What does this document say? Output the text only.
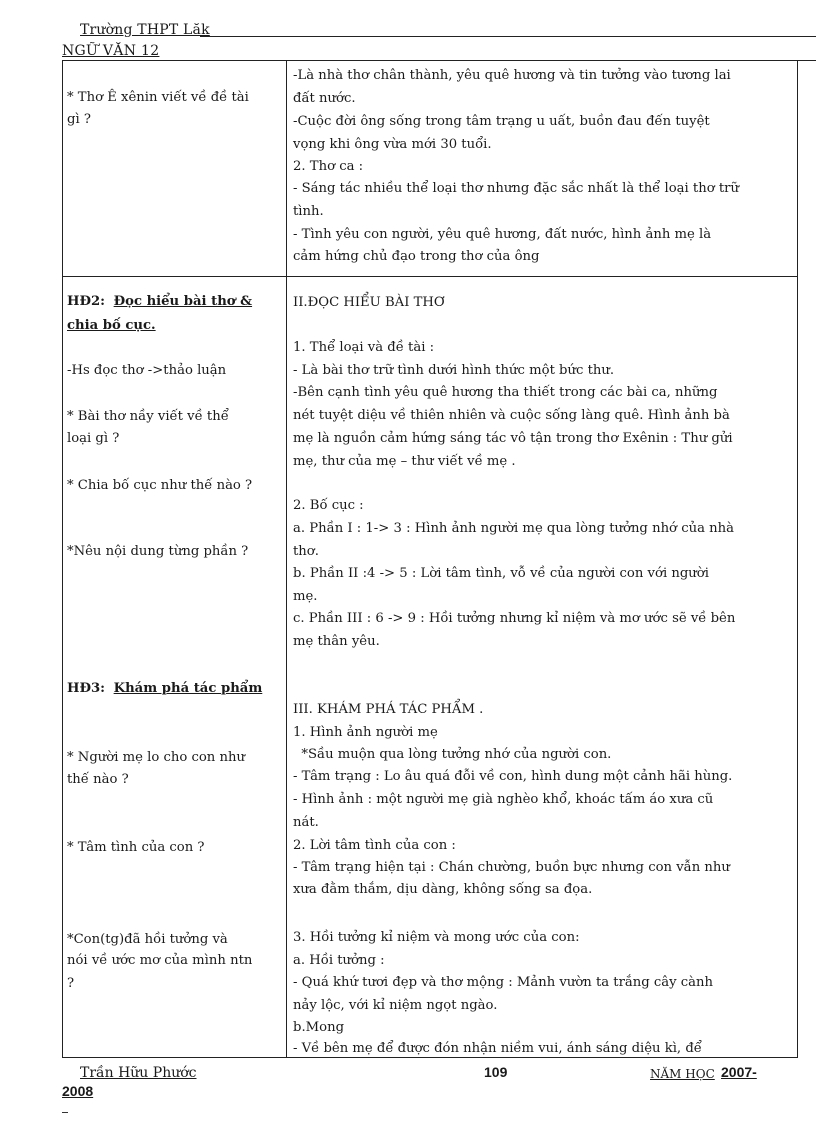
Trường THPT Lăk
NGỮ VĂN 12
* Thơ Ê xênin viết về đề tài
gì ?
HĐ2: Đọc hiểu bài thơ &
chia bố cục.
-Hs đọc thơ ->thảo luận
* Bài thơ nầy viết về thể
loại gì ?
* Chia bố cục như thế nào ?
*Nêu nội dung từng phần ?
HĐ3: Khám phá tác phẩm
* Người mẹ lo cho con như
thế nào ?
* Tâm tình của con ?
*Con(tg)đã hồi tưởng và
nói về ước mơ của mình ntn
?
-Là nhà thơ chân thành, yêu quê hương và tin tưởng vào tương lai
đất nước.
-Cuộc đời ông sống trong tâm trạng u uất, buồn đau đến tuyệt
vọng khi ông vừa mới 30 tuổi.
2. Thơ ca :
- Sáng tác nhiều thể loại thơ nhưng đặc sắc nhất là thể loại thơ trữ
tình.
- Tình yêu con người, yêu quê hương, đất nước, hình ảnh mẹ là
cảm hứng chủ đạo trong thơ của ông
II.ĐỌC HIỂU BÀI THƠ
1. Thể loại và đề tài :
- Là bài thơ trữ tình dưới hình thức một bức thư.
-Bên cạnh tình yêu quê hương tha thiết trong các bài ca, những
nét tuyệt diệu về thiên nhiên và cuộc sống làng quê. Hình ảnh bà
mẹ là nguồn cảm hứng sáng tác vô tận trong thơ Exênin : Thư gửi
mẹ, thư của mẹ – thư viết về mẹ .
2. Bố cục :
a. Phần I : 1-> 3 : Hình ảnh người mẹ qua lòng tưởng nhớ của nhà
thơ.
b. Phần II :4 -> 5 : Lời tâm tình, vỗ về của người con với người
mẹ.
c. Phần III : 6 -> 9 : Hồi tưởng nhưng kỉ niệm và mơ ước sẽ về bên
mẹ thân yêu.
III. KHÁM PHÁ TÁC PHẨM .
1. Hình ảnh người mẹ
*Sầu muộn qua lòng tưởng nhớ của người con.
- Tâm trạng : Lo âu quá đỗi về con, hình dung một cảnh hãi hùng.
- Hình ảnh : một người mẹ già nghèo khổ, khoác tấm áo xưa cũ
nát.
2. Lời tâm tình của con :
- Tâm trạng hiện tại : Chán chường, buồn bực nhưng con vẫn như
xưa đằm thắm, dịu dàng, không sống sa đọa.
3. Hồi tưởng kỉ niệm và mong ước của con:
a. Hồi tưởng :
- Quá khứ tươi đẹp và thơ mộng : Mảnh vườn ta trắng cây cành
nảy lộc, với kỉ niệm ngọt ngào.
b.Mong
- Về bên mẹ để được đón nhận niềm vui, ánh sáng diệu kì, để
Trần Hữu Phước	109	NĂM HỌC 2007-
2008
